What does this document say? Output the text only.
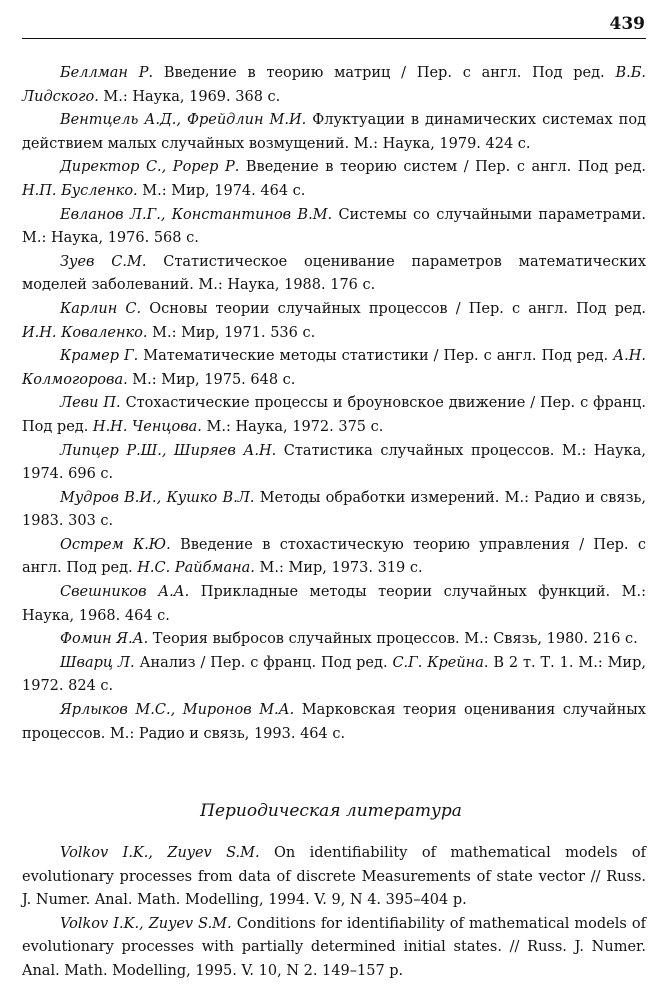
439

Беллман Р. Введение в теорию матриц / Пер. с англ. Под ред. В.Б. Лидского. М.: Наука, 1969. 368 с.

Вентцель А.Д., Фрейдлин М.И. Флуктуации в динамических системах под действием малых случайных возмущений. М.: Наука, 1979. 424 с.

Директор С., Рорер Р. Введение в теорию систем / Пер. с англ. Под ред. Н.П. Бусленко. М.: Мир, 1974. 464 с.

Евланов Л.Г., Константинов В.М. Системы со случайными параметрами. М.: Наука, 1976. 568 с.

Зуев С.М. Статистическое оценивание параметров математических моделей заболеваний. М.: Наука, 1988. 176 с.

Карлин С. Основы теории случайных процессов / Пер. с англ. Под ред. И.Н. Коваленко. М.: Мир, 1971. 536 с.

Крамер Г. Математические методы статистики / Пер. с англ. Под ред. А.Н. Колмогорова. М.: Мир, 1975. 648 с.

Леви П. Стохастические процессы и броуновское движение / Пер. с франц. Под ред. Н.Н. Ченцова. М.: Наука, 1972. 375 с.

Липцер Р.Ш., Ширяев А.Н. Статистика случайных процессов. М.: Наука, 1974. 696 с.

Мудров В.И., Кушко В.Л. Методы обработки измерений. М.: Радио и связь, 1983. 303 с.

Острем К.Ю. Введение в стохастическую теорию управления / Пер. с англ. Под ред. Н.С. Райбмана. М.: Мир, 1973. 319 с.

Свешников А.А. Прикладные методы теории случайных функций. М.: Наука, 1968. 464 с.

Фомин Я.А. Теория выбросов случайных процессов. М.: Связь, 1980. 216 с.

Шварц Л. Анализ / Пер. с франц. Под ред. С.Г. Крейна. В 2 т. Т. 1. М.: Мир, 1972. 824 с.

Ярлыков М.С., Миронов М.А. Марковская теория оценивания случайных процессов. М.: Радио и связь, 1993. 464 с.

Периодическая литература

Volkov I.K., Zuyev S.M. On identifiability of mathematical models of evolutionary processes from data of discrete Measurements of state vector // Russ. J. Numer. Anal. Math. Modelling, 1994. V. 9, N 4. 395–404 p.

Volkov I.K., Zuyev S.M. Conditions for identifiability of mathematical models of evolutionary processes with partially determined initial states. // Russ. J. Numer. Anal. Math. Modelling, 1995. V. 10, N 2. 149–157 p.
